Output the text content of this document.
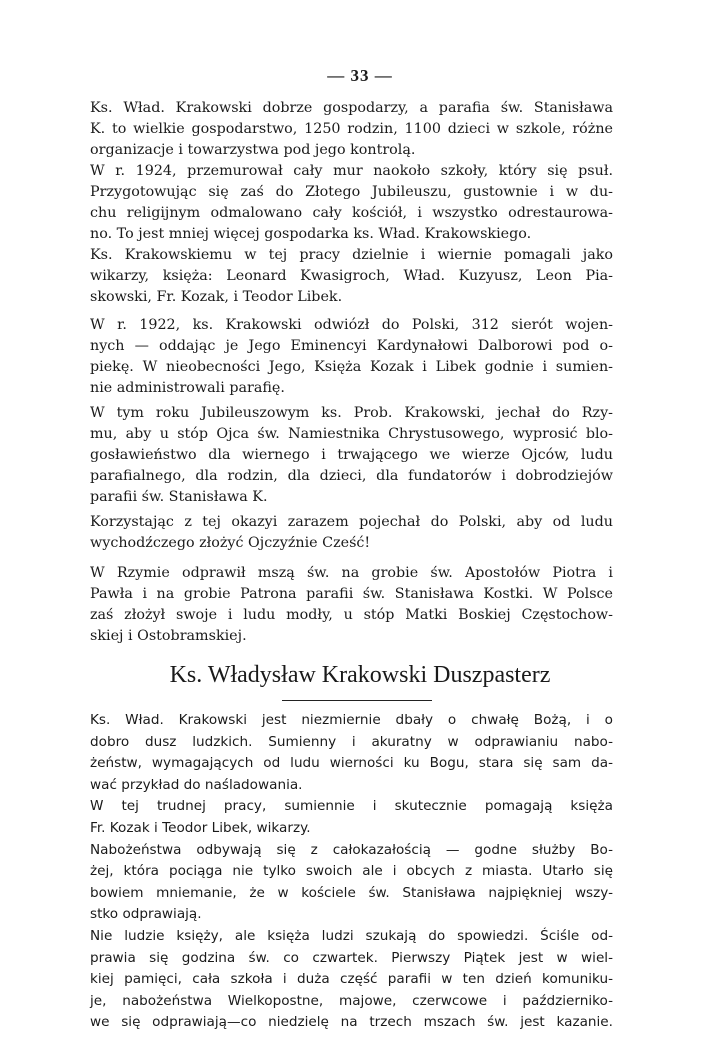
— 33 —
Ks. Wład. Krakowski dobrze gospodarzy, a parafia św. Stanisława
K. to wielkie gospodarstwo, 1250 rodzin, 1100 dzieci w szkole, różne
organizacje i towarzystwa pod jego kontrolą.
W r. 1924, przemurował cały mur naokoło szkoły, który się psuł.
Przygotowując się zaś do Złotego Jubileuszu, gustownie i w du-
chu religijnym odmalowano cały kościół, i wszystko odrestaurowa-
no. To jest mniej więcej gospodarka ks. Wład. Krakowskiego.
Ks. Krakowskiemu w tej pracy dzielnie i wiernie pomagali jako
wikarzy, księża: Leonard Kwasigroch, Wład. Kuzyusz, Leon Pia-
skowski, Fr. Kozak, i Teodor Libek.
W r. 1922, ks. Krakowski odwiózł do Polski, 312 sierót wojen-
nych — oddając je Jego Eminencyi Kardynałowi Dalborowi pod o-
piekę. W nieobecności Jego, Księża Kozak i Libek godnie i sumien-
nie administrowali parafię.
W tym roku Jubileuszowym ks. Prob. Krakowski, jechał do Rzy-
mu, aby u stóp Ojca św. Namiestnika Chrystusowego, wyprosić blo-
gosławieństwo dla wiernego i trwającego we wierze Ojców, ludu
parafialnego, dla rodzin, dla dzieci, dla fundatorów i dobrodziejów
parafii św. Stanisława K.
Korzystając z tej okazyi zarazem pojechał do Polski, aby od ludu
wychodźczego złożyć Ojczyźnie Cześć!
W Rzymie odprawił mszą św. na grobie św. Apostołów Piotra i
Pawła i na grobie Patrona parafii św. Stanisława Kostki. W Polsce
zaś złożył swoje i ludu modły, u stóp Matki Boskiej Częstochow-
skiej i Ostobramskiej.
Ks. Władysław Krakowski Duszpasterz
Ks. Wład. Krakowski jest niezmiernie dbały o chwałę Bożą, i o
dobro dusz ludzkich. Sumienny i akuratny w odprawianiu nabo-
żeństw, wymagających od ludu wierności ku Bogu, stara się sam da-
wać przykład do naśladowania.
W tej trudnej pracy, sumiennie i skutecznie pomagają księża
Fr. Kozak i Teodor Libek, wikarzy.
Nabożeństwa odbywają się z całokazałością — godne służby Bo-
żej, która pociąga nie tylko swoich ale i obcych z miasta. Utarło się
bowiem mniemanie, że w kościele św. Stanisława najpiękniej wszy-
stko odprawiają.
Nie ludzie księży, ale księża ludzi szukają do spowiedzi. Ściśle od-
prawia się godzina św. co czwartek. Pierwszy Piątek jest w wiel-
kiej pamięci, cała szkoła i duża część parafii w ten dzień komuniku-
je, nabożeństwa Wielkopostne, majowe, czerwcowe i październiko-
we się odprawiają—co niedzielę na trzech mszach św. jest kazanie.
